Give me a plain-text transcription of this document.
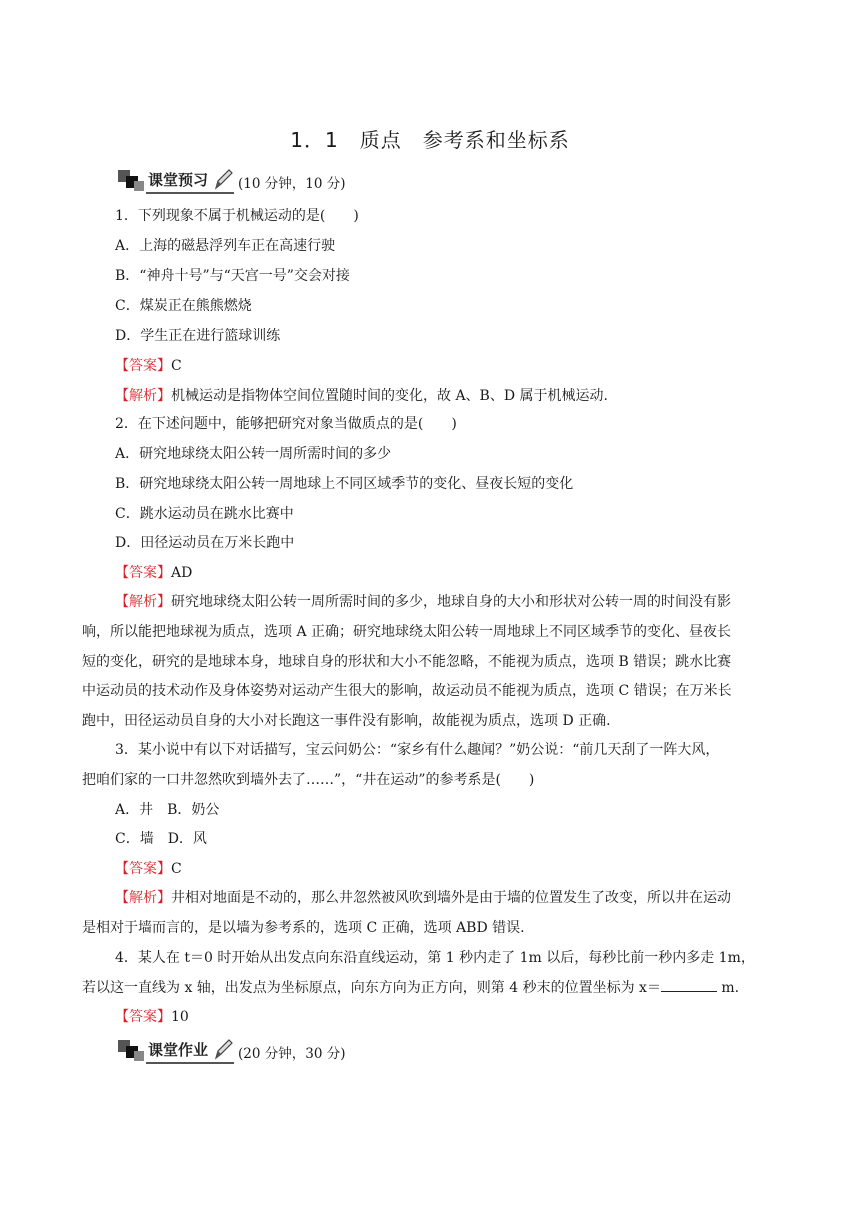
1．1　质点　参考系和坐标系
课堂预习 (10 分钟，10 分)
1．下列现象不属于机械运动的是(　　)
A．上海的磁悬浮列车正在高速行驶
B．“神舟十号”与“天宫一号”交会对接
C．煤炭正在熊熊燃烧
D．学生正在进行篮球训练
【答案】C
【解析】机械运动是指物体空间位置随时间的变化，故 A、B、D 属于机械运动.
2．在下述问题中，能够把研究对象当做质点的是(　　)
A．研究地球绕太阳公转一周所需时间的多少
B．研究地球绕太阳公转一周地球上不同区域季节的变化、昼夜长短的变化
C．跳水运动员在跳水比赛中
D．田径运动员在万米长跑中
【答案】AD
【解析】研究地球绕太阳公转一周所需时间的多少，地球自身的大小和形状对公转一周的时间没有影
响，所以能把地球视为质点，选项 A 正确；研究地球绕太阳公转一周地球上不同区域季节的变化、昼夜长
短的变化，研究的是地球本身，地球自身的形状和大小不能忽略，不能视为质点，选项 B 错误；跳水比赛
中运动员的技术动作及身体姿势对运动产生很大的影响，故运动员不能视为质点，选项 C 错误；在万米长
跑中，田径运动员自身的大小对长跑这一事件没有影响，故能视为质点，选项 D 正确.
3．某小说中有以下对话描写，宝云问奶公：“家乡有什么趣闻？”奶公说：“前几天刮了一阵大风，
把咱们家的一口井忽然吹到墙外去了……”，“井在运动”的参考系是(　　)
A．井　B．奶公
C．墙　D．风
【答案】C
【解析】井相对地面是不动的，那么井忽然被风吹到墙外是由于墙的位置发生了改变，所以井在运动
是相对于墙而言的，是以墙为参考系的，选项 C 正确，选项 ABD 错误.
4．某人在 t＝0 时开始从出发点向东沿直线运动，第 1 秒内走了 1m 以后，每秒比前一秒内多走 1m，
若以这一直线为 x 轴，出发点为坐标原点，向东方向为正方向，则第 4 秒末的位置坐标为 x＝	m.
【答案】10
课堂作业 (20 分钟，30 分)
